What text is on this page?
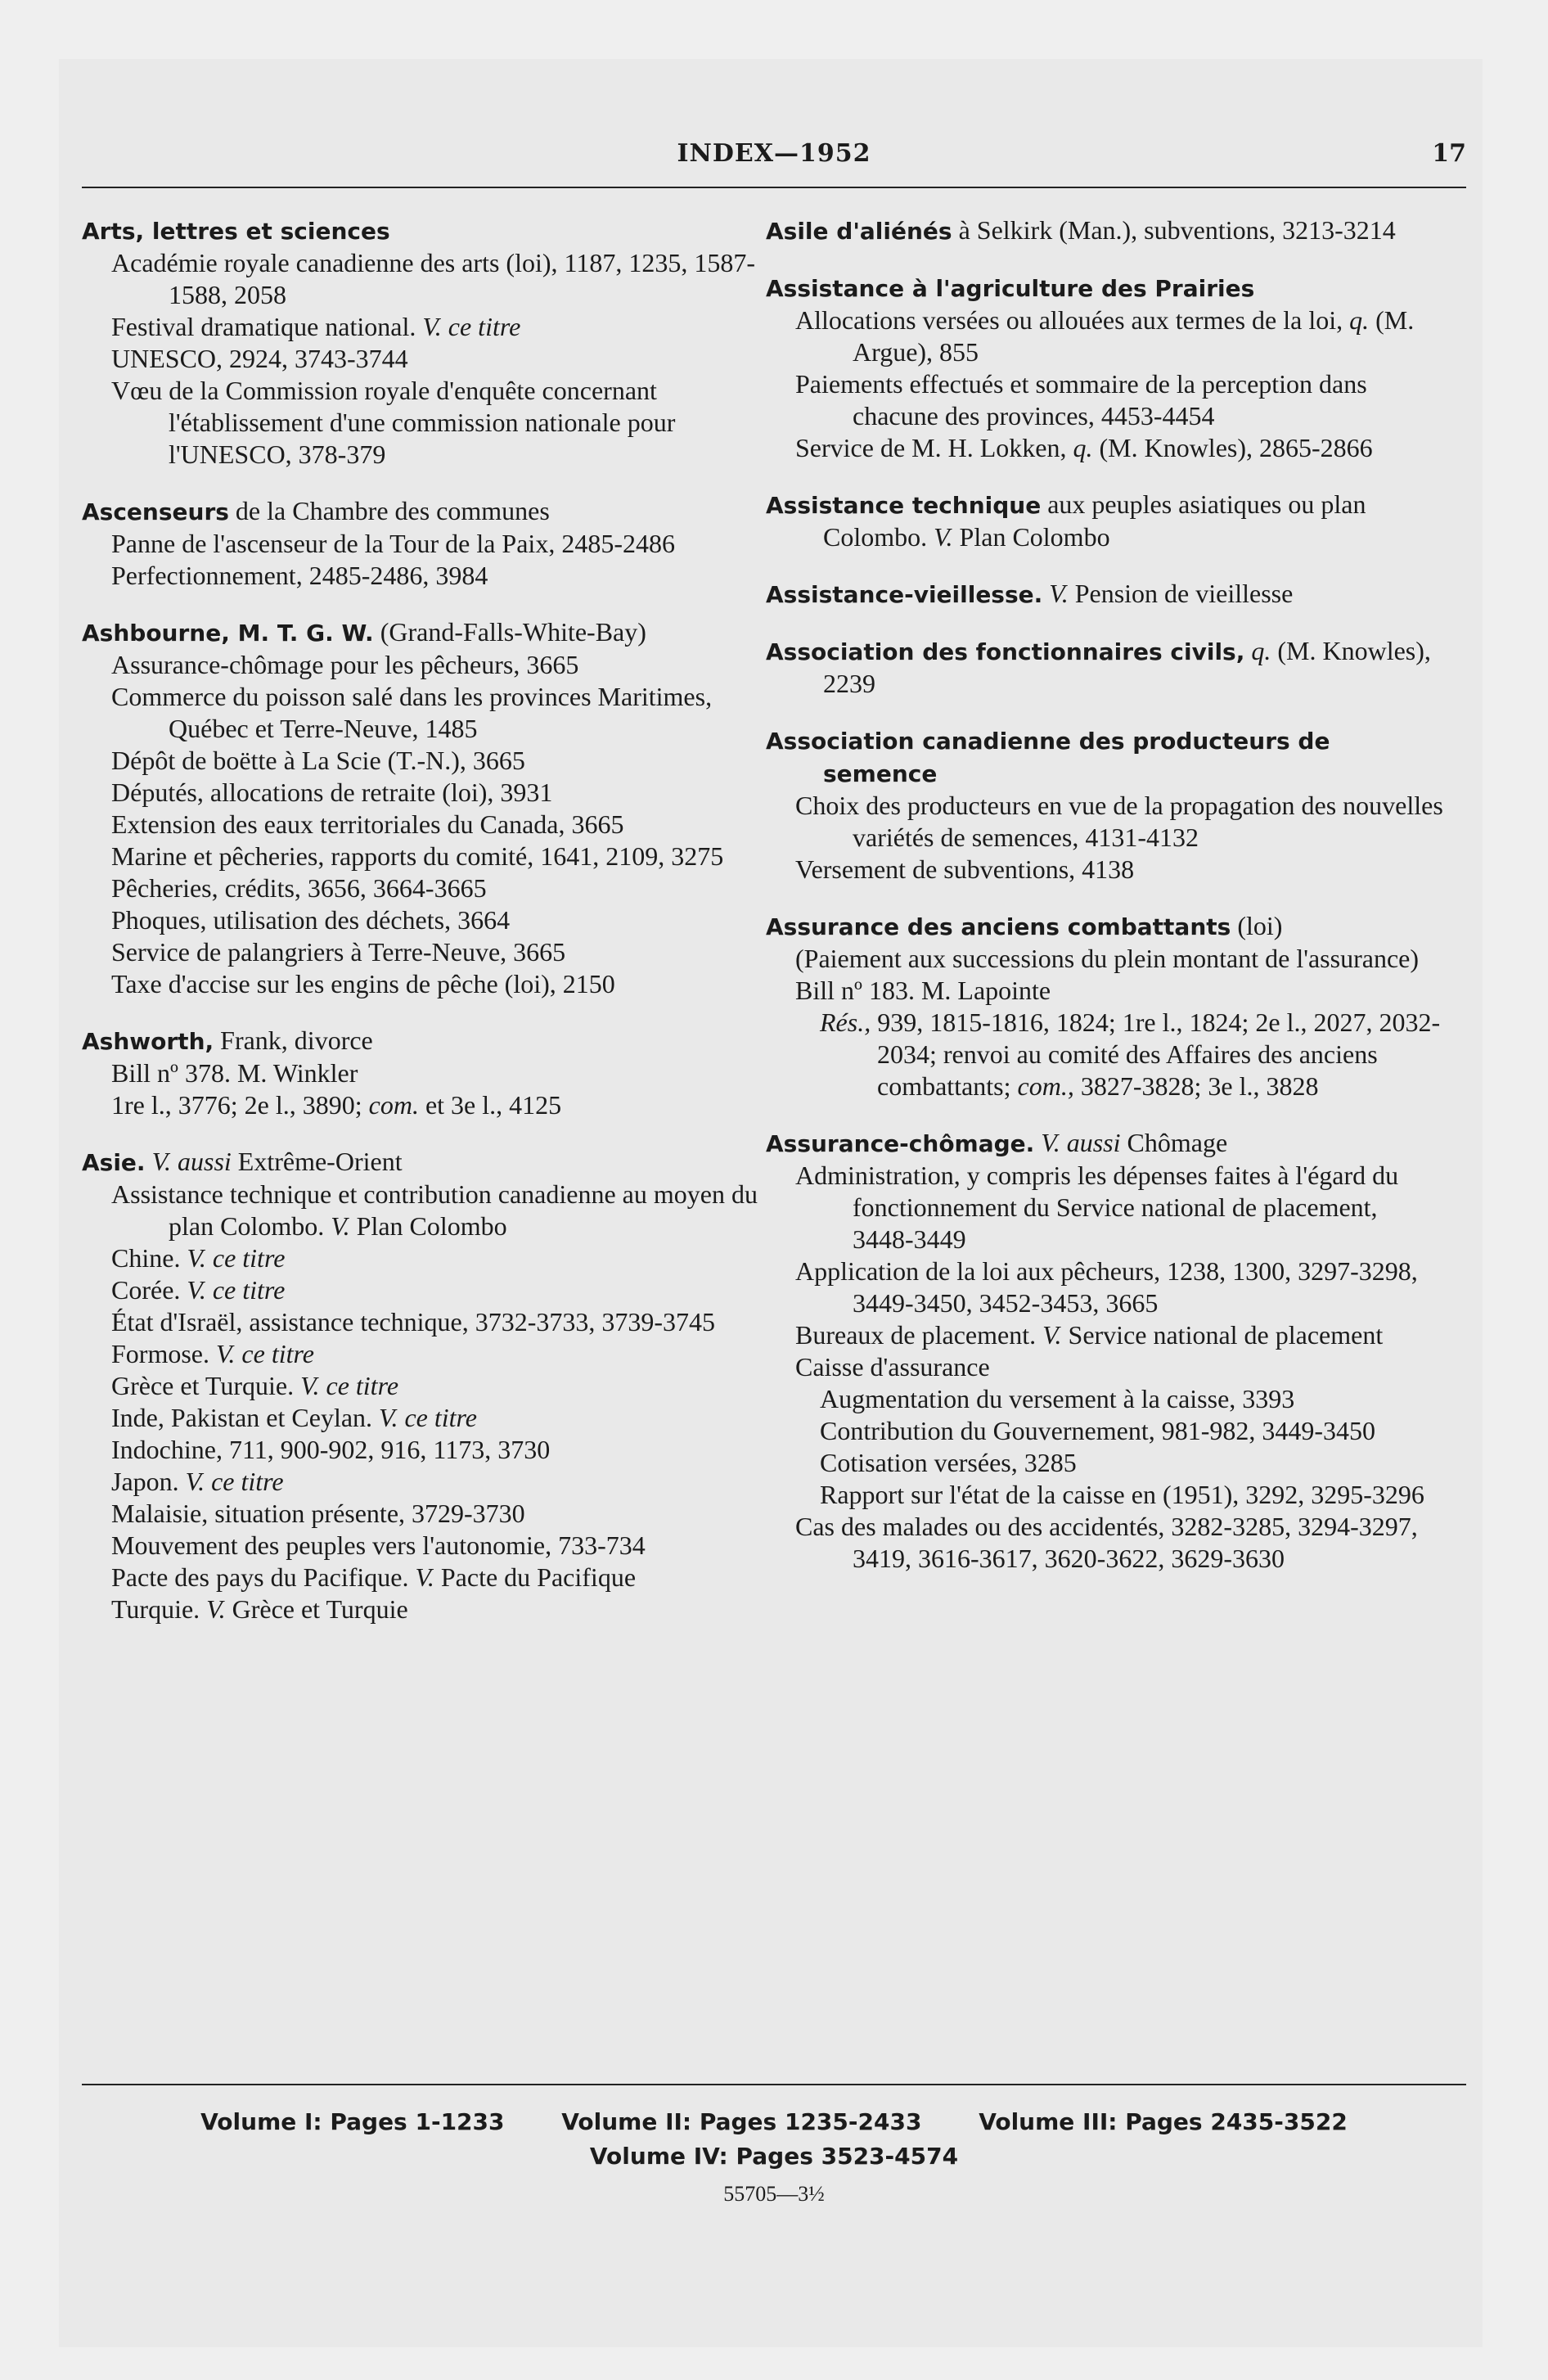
INDEX—1952	17
Arts, lettres et sciences
Académie royale canadienne des arts (loi), 1187, 1235, 1587-1588, 2058
Festival dramatique national. V. ce titre
UNESCO, 2924, 3743-3744
Vœu de la Commission royale d'enquête concernant l'établissement d'une commission nationale pour l'UNESCO, 378-379
Ascenseurs de la Chambre des communes
Panne de l'ascenseur de la Tour de la Paix, 2485-2486
Perfectionnement, 2485-2486, 3984
Ashbourne, M. T. G. W. (Grand-Falls-White-Bay)
Assurance-chômage pour les pêcheurs, 3665
Commerce du poisson salé dans les provinces Maritimes, Québec et Terre-Neuve, 1485
Dépôt de boëtte à La Scie (T.-N.), 3665
Députés, allocations de retraite (loi), 3931
Extension des eaux territoriales du Canada, 3665
Marine et pêcheries, rapports du comité, 1641, 2109, 3275
Pêcheries, crédits, 3656, 3664-3665
Phoques, utilisation des déchets, 3664
Service de palangriers à Terre-Neuve, 3665
Taxe d'accise sur les engins de pêche (loi), 2150
Ashworth, Frank, divorce
Bill nº 378. M. Winkler
1re l., 3776; 2e l., 3890; com. et 3e l., 4125
Asie. V. aussi Extrême-Orient
Assistance technique et contribution canadienne au moyen du plan Colombo. V. Plan Colombo
Chine. V. ce titre
Corée. V. ce titre
État d'Israël, assistance technique, 3732-3733, 3739-3745
Formose. V. ce titre
Grèce et Turquie. V. ce titre
Inde, Pakistan et Ceylan. V. ce titre
Indochine, 711, 900-902, 916, 1173, 3730
Japon. V. ce titre
Malaisie, situation présente, 3729-3730
Mouvement des peuples vers l'autonomie, 733-734
Pacte des pays du Pacifique. V. Pacte du Pacifique
Turquie. V. Grèce et Turquie
Asile d'aliénés à Selkirk (Man.), subventions, 3213-3214
Assistance à l'agriculture des Prairies
Allocations versées ou allouées aux termes de la loi, q. (M. Argue), 855
Paiements effectués et sommaire de la perception dans chacune des provinces, 4453-4454
Service de M. H. Lokken, q. (M. Knowles), 2865-2866
Assistance technique aux peuples asiatiques ou plan Colombo. V. Plan Colombo
Assistance-vieillesse. V. Pension de vieillesse
Association des fonctionnaires civils, q. (M. Knowles), 2239
Association canadienne des producteurs de semence
Choix des producteurs en vue de la propagation des nouvelles variétés de semences, 4131-4132
Versement de subventions, 4138
Assurance des anciens combattants (loi)
(Paiement aux successions du plein montant de l'assurance)
Bill nº 183. M. Lapointe
Rés., 939, 1815-1816, 1824; 1re l., 1824; 2e l., 2027, 2032-2034; renvoi au comité des Affaires des anciens combattants; com., 3827-3828; 3e l., 3828
Assurance-chômage. V. aussi Chômage
Administration, y compris les dépenses faites à l'égard du fonctionnement du Service national de placement, 3448-3449
Application de la loi aux pêcheurs, 1238, 1300, 3297-3298, 3449-3450, 3452-3453, 3665
Bureaux de placement. V. Service national de placement
Caisse d'assurance
Augmentation du versement à la caisse, 3393
Contribution du Gouvernement, 981-982, 3449-3450
Cotisation versées, 3285
Rapport sur l'état de la caisse en (1951), 3292, 3295-3296
Cas des malades ou des accidentés, 3282-3285, 3294-3297, 3419, 3616-3617, 3620-3622, 3629-3630
Volume I: Pages 1-1233 Volume II: Pages 1235-2433 Volume III: Pages 2435-3522
Volume IV: Pages 3523-4574
55705—3½
